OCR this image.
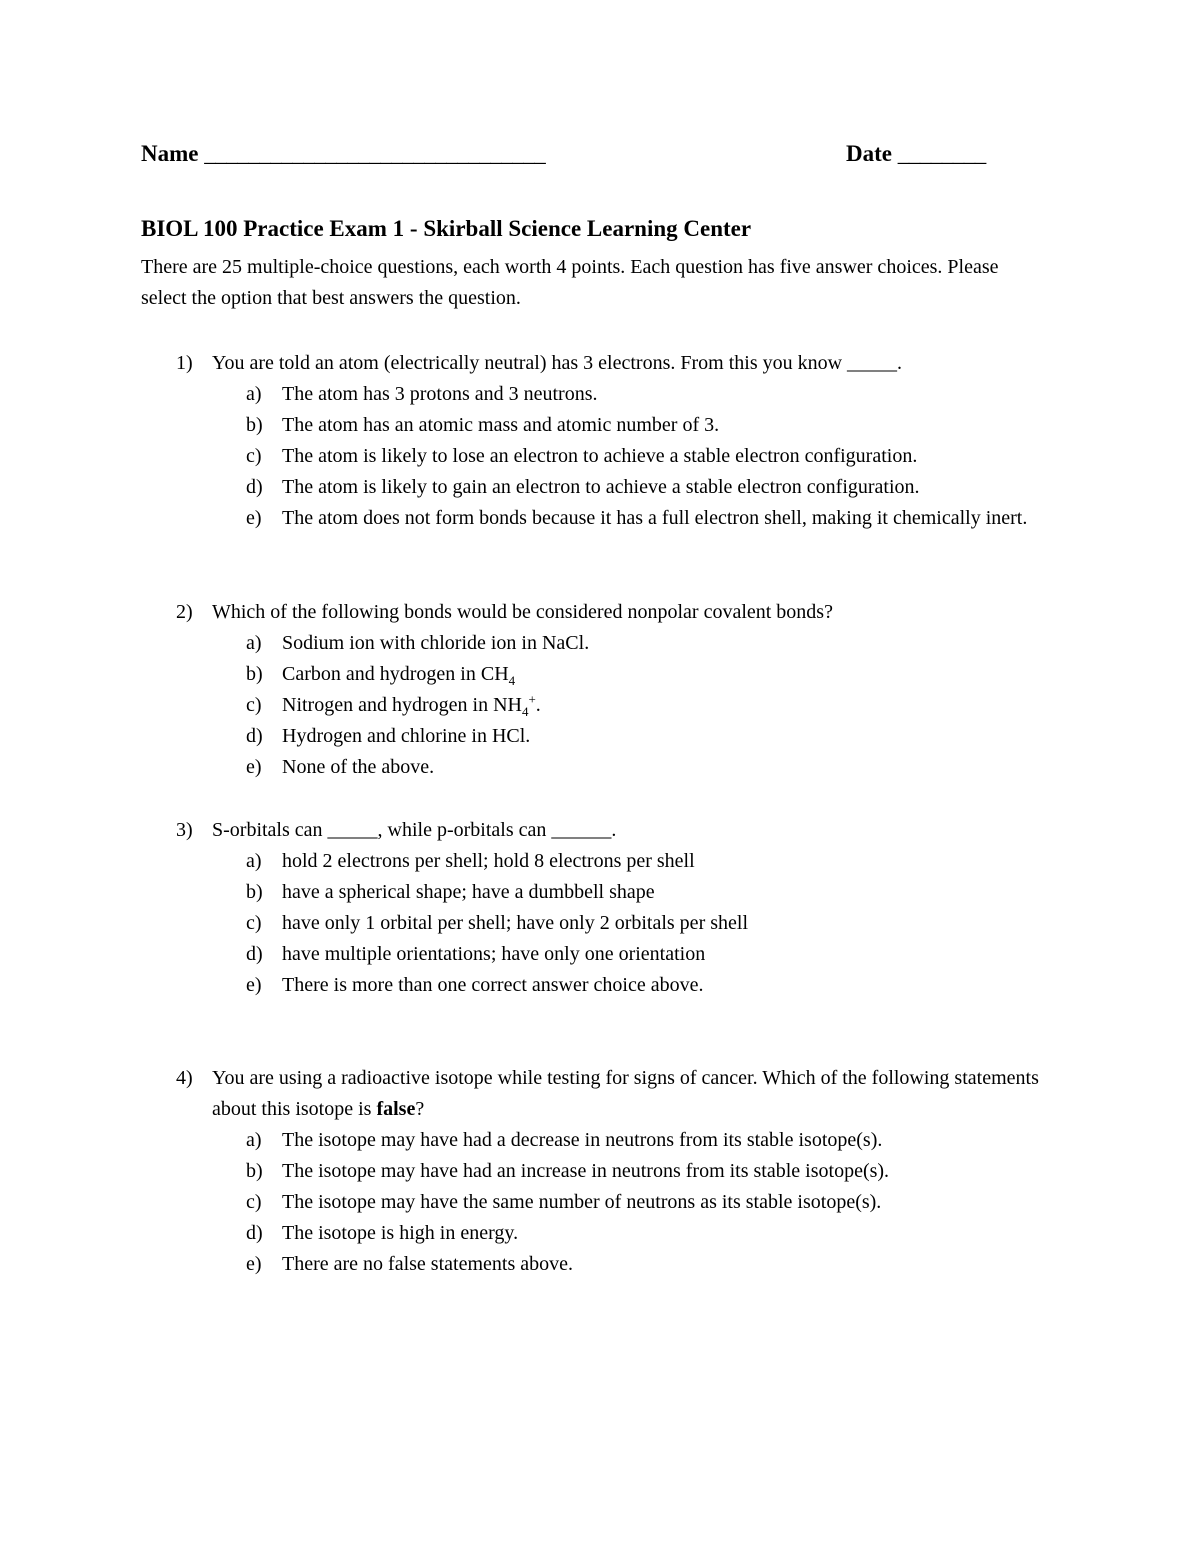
Name _______________________________	Date ________
BIOL 100 Practice Exam 1 - Skirball Science Learning Center

There are 25 multiple-choice questions, each worth 4 points. Each question has five answer choices. Please select the option that best answers the question.

1) You are told an atom (electrically neutral) has 3 electrons. From this you know _____.
a) The atom has 3 protons and 3 neutrons.
b) The atom has an atomic mass and atomic number of 3.
c) The atom is likely to lose an electron to achieve a stable electron configuration.
d) The atom is likely to gain an electron to achieve a stable electron configuration.
e) The atom does not form bonds because it has a full electron shell, making it chemically inert.
2) Which of the following bonds would be considered nonpolar covalent bonds?
a) Sodium ion with chloride ion in NaCl.
b) Carbon and hydrogen in $CH_4$
c) Nitrogen and hydrogen in $NH_4^+$.
d) Hydrogen and chlorine in HCl.
e) None of the above.
3) S-orbitals can _____, while p-orbitals can ______.
a) hold 2 electrons per shell; hold 8 electrons per shell
b) have a spherical shape; have a dumbbell shape
c) have only 1 orbital per shell; have only 2 orbitals per shell
d) have multiple orientations; have only one orientation
e) There is more than one correct answer choice above.
4) You are using a radioactive isotope while testing for signs of cancer. Which of the following statements about this isotope is false?
a) The isotope may have had a decrease in neutrons from its stable isotope(s).
b) The isotope may have had an increase in neutrons from its stable isotope(s).
c) The isotope may have the same number of neutrons as its stable isotope(s).
d) The isotope is high in energy.
e) There are no false statements above.
